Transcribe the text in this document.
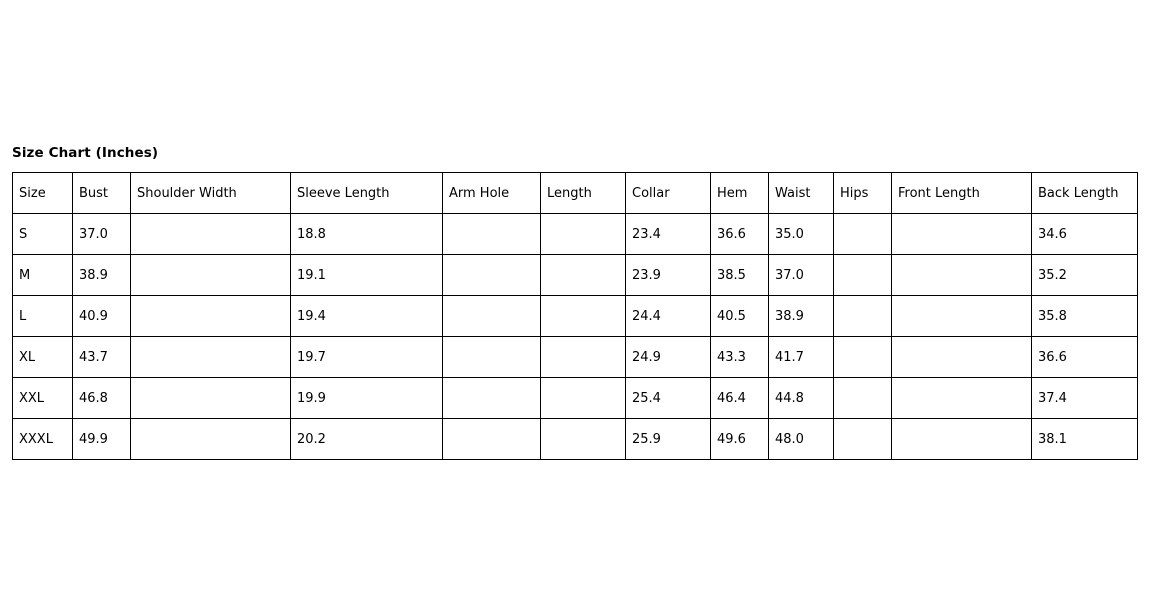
Size Chart (Inches)
Size	Bust	Shoulder Width	Sleeve Length	Arm Hole	Length	Collar	Hem	Waist	Hips	Front Length	Back Length
S	37.0		18.8			23.4	36.6	35.0			34.6
M	38.9		19.1			23.9	38.5	37.0			35.2
L	40.9		19.4			24.4	40.5	38.9			35.8
XL	43.7		19.7			24.9	43.3	41.7			36.6
XXL	46.8		19.9			25.4	46.4	44.8			37.4
XXXL	49.9		20.2			25.9	49.6	48.0			38.1
